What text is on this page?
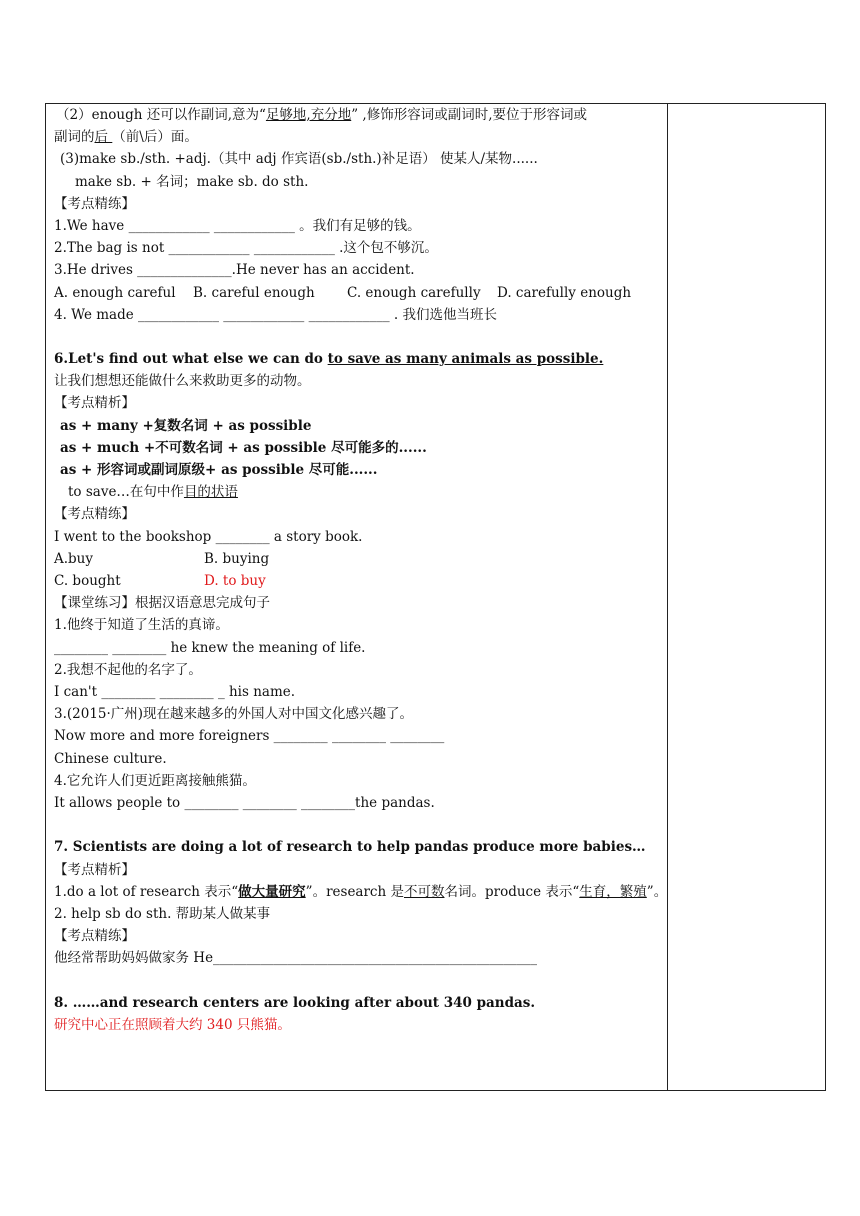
（2）enough 还可以作副词,意为“足够地,充分地” ,修饰形容词或副词时,要位于形容词或
副词的后 （前\后）面。
(3)make sb./sth. +adj.（其中 adj 作宾语(sb./sth.)补足语） 使某人/某物......
make sb. + 名词；make sb. do sth.
【考点精练】
1.We have ____________ ____________ 。我们有足够的钱。
2.The bag is not ____________ ____________ .这个包不够沉。
3.He drives ______________.He never has an accident.
A. enough careful B. careful enough C. enough carefully D. carefully enough
4. We made ____________ ____________ ____________ . 我们选他当班长
6.Let's find out what else we can do to save as many animals as possible.
让我们想想还能做什么来救助更多的动物。
【考点精析】
as + many +复数名词 + as possible
as + much +不可数名词 + as possible 尽可能多的......
as + 形容词或副词原级+ as possible 尽可能......
to save…在句中作目的状语
【考点精练】
I went to the bookshop ________ a story book.
A.buy	B. buying
C. bought	D. to buy
【课堂练习】根据汉语意思完成句子
1.他终于知道了生活的真谛。
________ ________ he knew the meaning of life.
2.我想不起他的名字了。
I can't ________ ________ _ his name.
3.(2015·广州)现在越来越多的外国人对中国文化感兴趣了。
Now more and more foreigners ________ ________ ________
Chinese culture.
4.它允许人们更近距离接触熊猫。
It allows people to ________ ________ ________the pandas.
7. Scientists are doing a lot of research to help pandas produce more babies…
【考点精析】
1.do a lot of research 表示“做大量研究”。research 是不可数名词。produce 表示“生育，繁殖”。
2. help sb do sth. 帮助某人做某事
【考点精练】
他经常帮助妈妈做家务 He________________________________________________
8. ……and research centers are looking after about 340 pandas.
研究中心正在照顾着大约 340 只熊猫。
